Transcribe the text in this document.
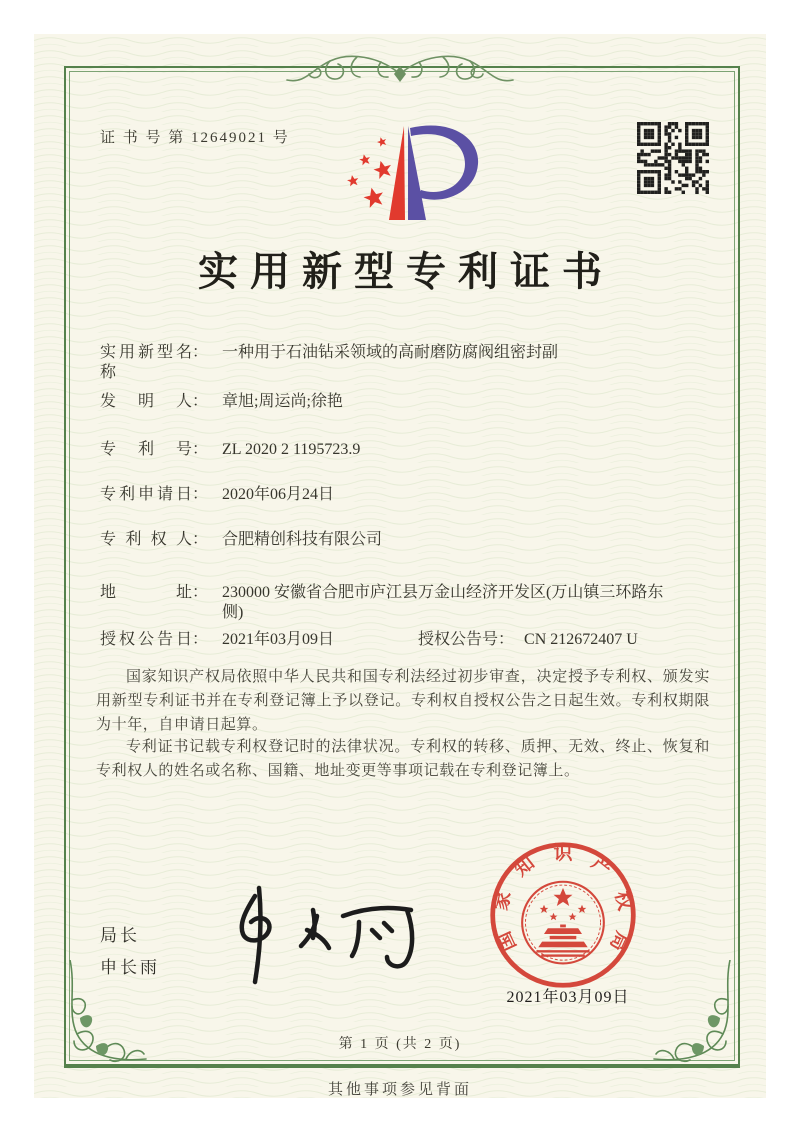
证 书 号 第 12649021 号
实用新型专利证书
实用新型名称： 一种用于石油钻采领域的高耐磨防腐阀组密封副
发明人： 章旭;周运尚;徐艳
专利号： ZL 2020 2 1195723.9
专利申请日： 2020年06月24日
专利权人： 合肥精创科技有限公司
地址： 230000 安徽省合肥市庐江县万金山经济开发区(万山镇三环路东侧)
授权公告日： 2021年03月09日	授权公告号： CN 212672407 U
国家知识产权局依照中华人民共和国专利法经过初步审查，决定授予专利权、颁发实用新型专利证书并在专利登记簿上予以登记。专利权自授权公告之日起生效。专利权期限为十年，自申请日起算。
专利证书记载专利权登记时的法律状况。专利权的转移、质押、无效、终止、恢复和专利权人的姓名或名称、国籍、地址变更等事项记载在专利登记簿上。
局长
申长雨
国
家
知 识 产
权
局
2021年03月09日
第 1 页 (共 2 页)
其他事项参见背面
